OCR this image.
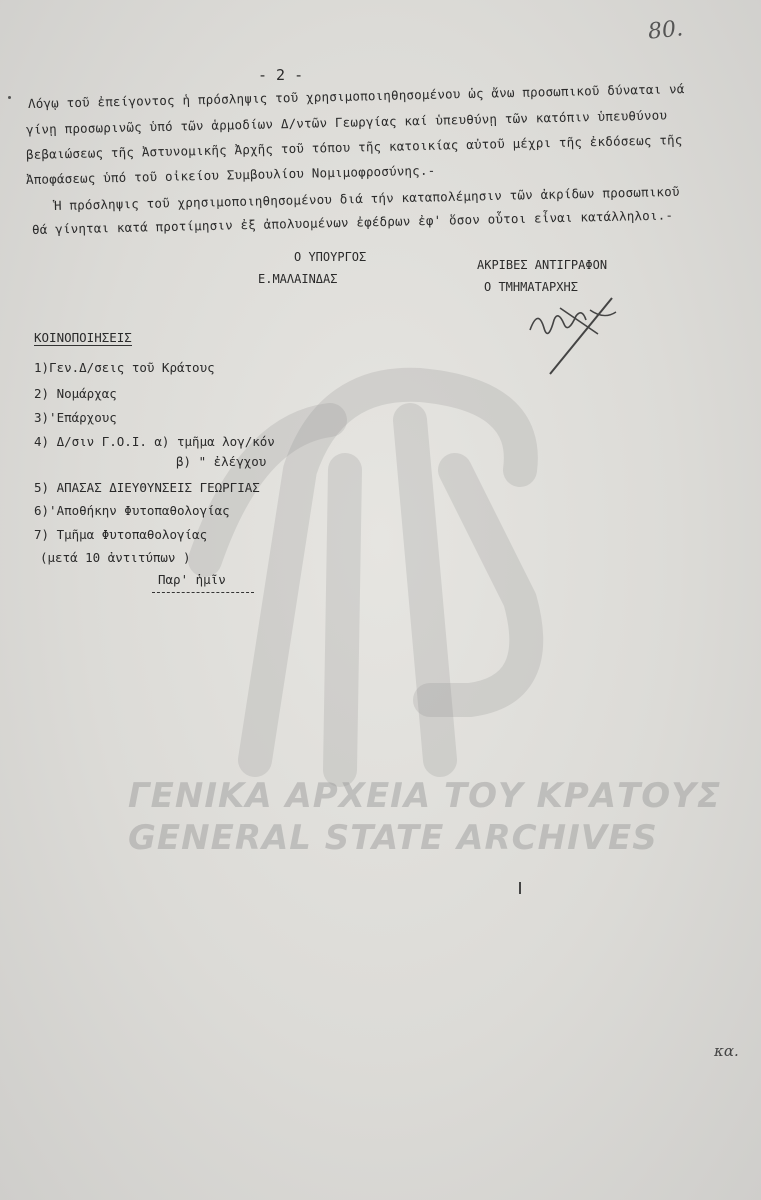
ΓΕΝΙΚΑ ΑΡΧΕΙΑ ΤΟΥ ΚΡΑΤΟΥΣ
GENERAL STATE ARCHIVES
80.
- 2 -
Λόγῳ τοῦ ἐπείγοντος ἡ πρόσληψις τοῦ χρησιμοποιηθησομένου ὡς ἄνω προσωπικοῦ δύναται νά
γίνῃ προσωρινῶς ὑπό τῶν ἁρμοδίων Δ/ντῶν Γεωργίας καί ὑπευθύνῃ τῶν κατόπιν ὑπευθύνου
βεβαιώσεως τῆς Ἀστυνομικῆς Ἀρχῆς τοῦ τόπου τῆς κατοικίας αὐτοῦ μέχρι τῆς ἐκδόσεως τῆς
Ἀποφάσεως ὑπό τοῦ οἰκείου Συμβουλίου Νομιμοφροσύνης.-
Ἡ πρόσληψις τοῦ χρησιμοποιηθησομένου διά τήν καταπολέμησιν τῶν ἀκρίδων προσωπικοῦ
θά γίνηται κατά προτίμησιν ἐξ ἀπολυομένων ἐφέδρων ἐφ' ὅσον οὗτοι εἶναι κατάλληλοι.-
Ο ΥΠΟΥΡΓΟΣ
Ε.ΜΑΛΑΙΝΔΑΣ
ΑΚΡΙΒΕΣ ΑΝΤΙΓΡΑΦΟΝ
Ο ΤΜΗΜΑΤΑΡΧΗΣ
ΚΟΙΝΟΠΟΙΗΣΕΙΣ
1)Γεν.Δ/σεις τοῦ Κράτους
2) Νομάρχας
3)'Επάρχους
4) Δ/σιν Γ.Ο.Ι. α) τμῆμα λογ/κόν
β) " ἐλέγχου
5) ΑΠΑΣΑΣ ΔΙΕΥΘΥΝΣΕΙΣ ΓΕΩΡΓΙΑΣ
6)'Αποθήκην Φυτοπαθολογίας
7) Τμῆμα Φυτοπαθολογίας
(μετά 10 ἀντιτύπων )
Παρ' ἡμῖν
κα.
